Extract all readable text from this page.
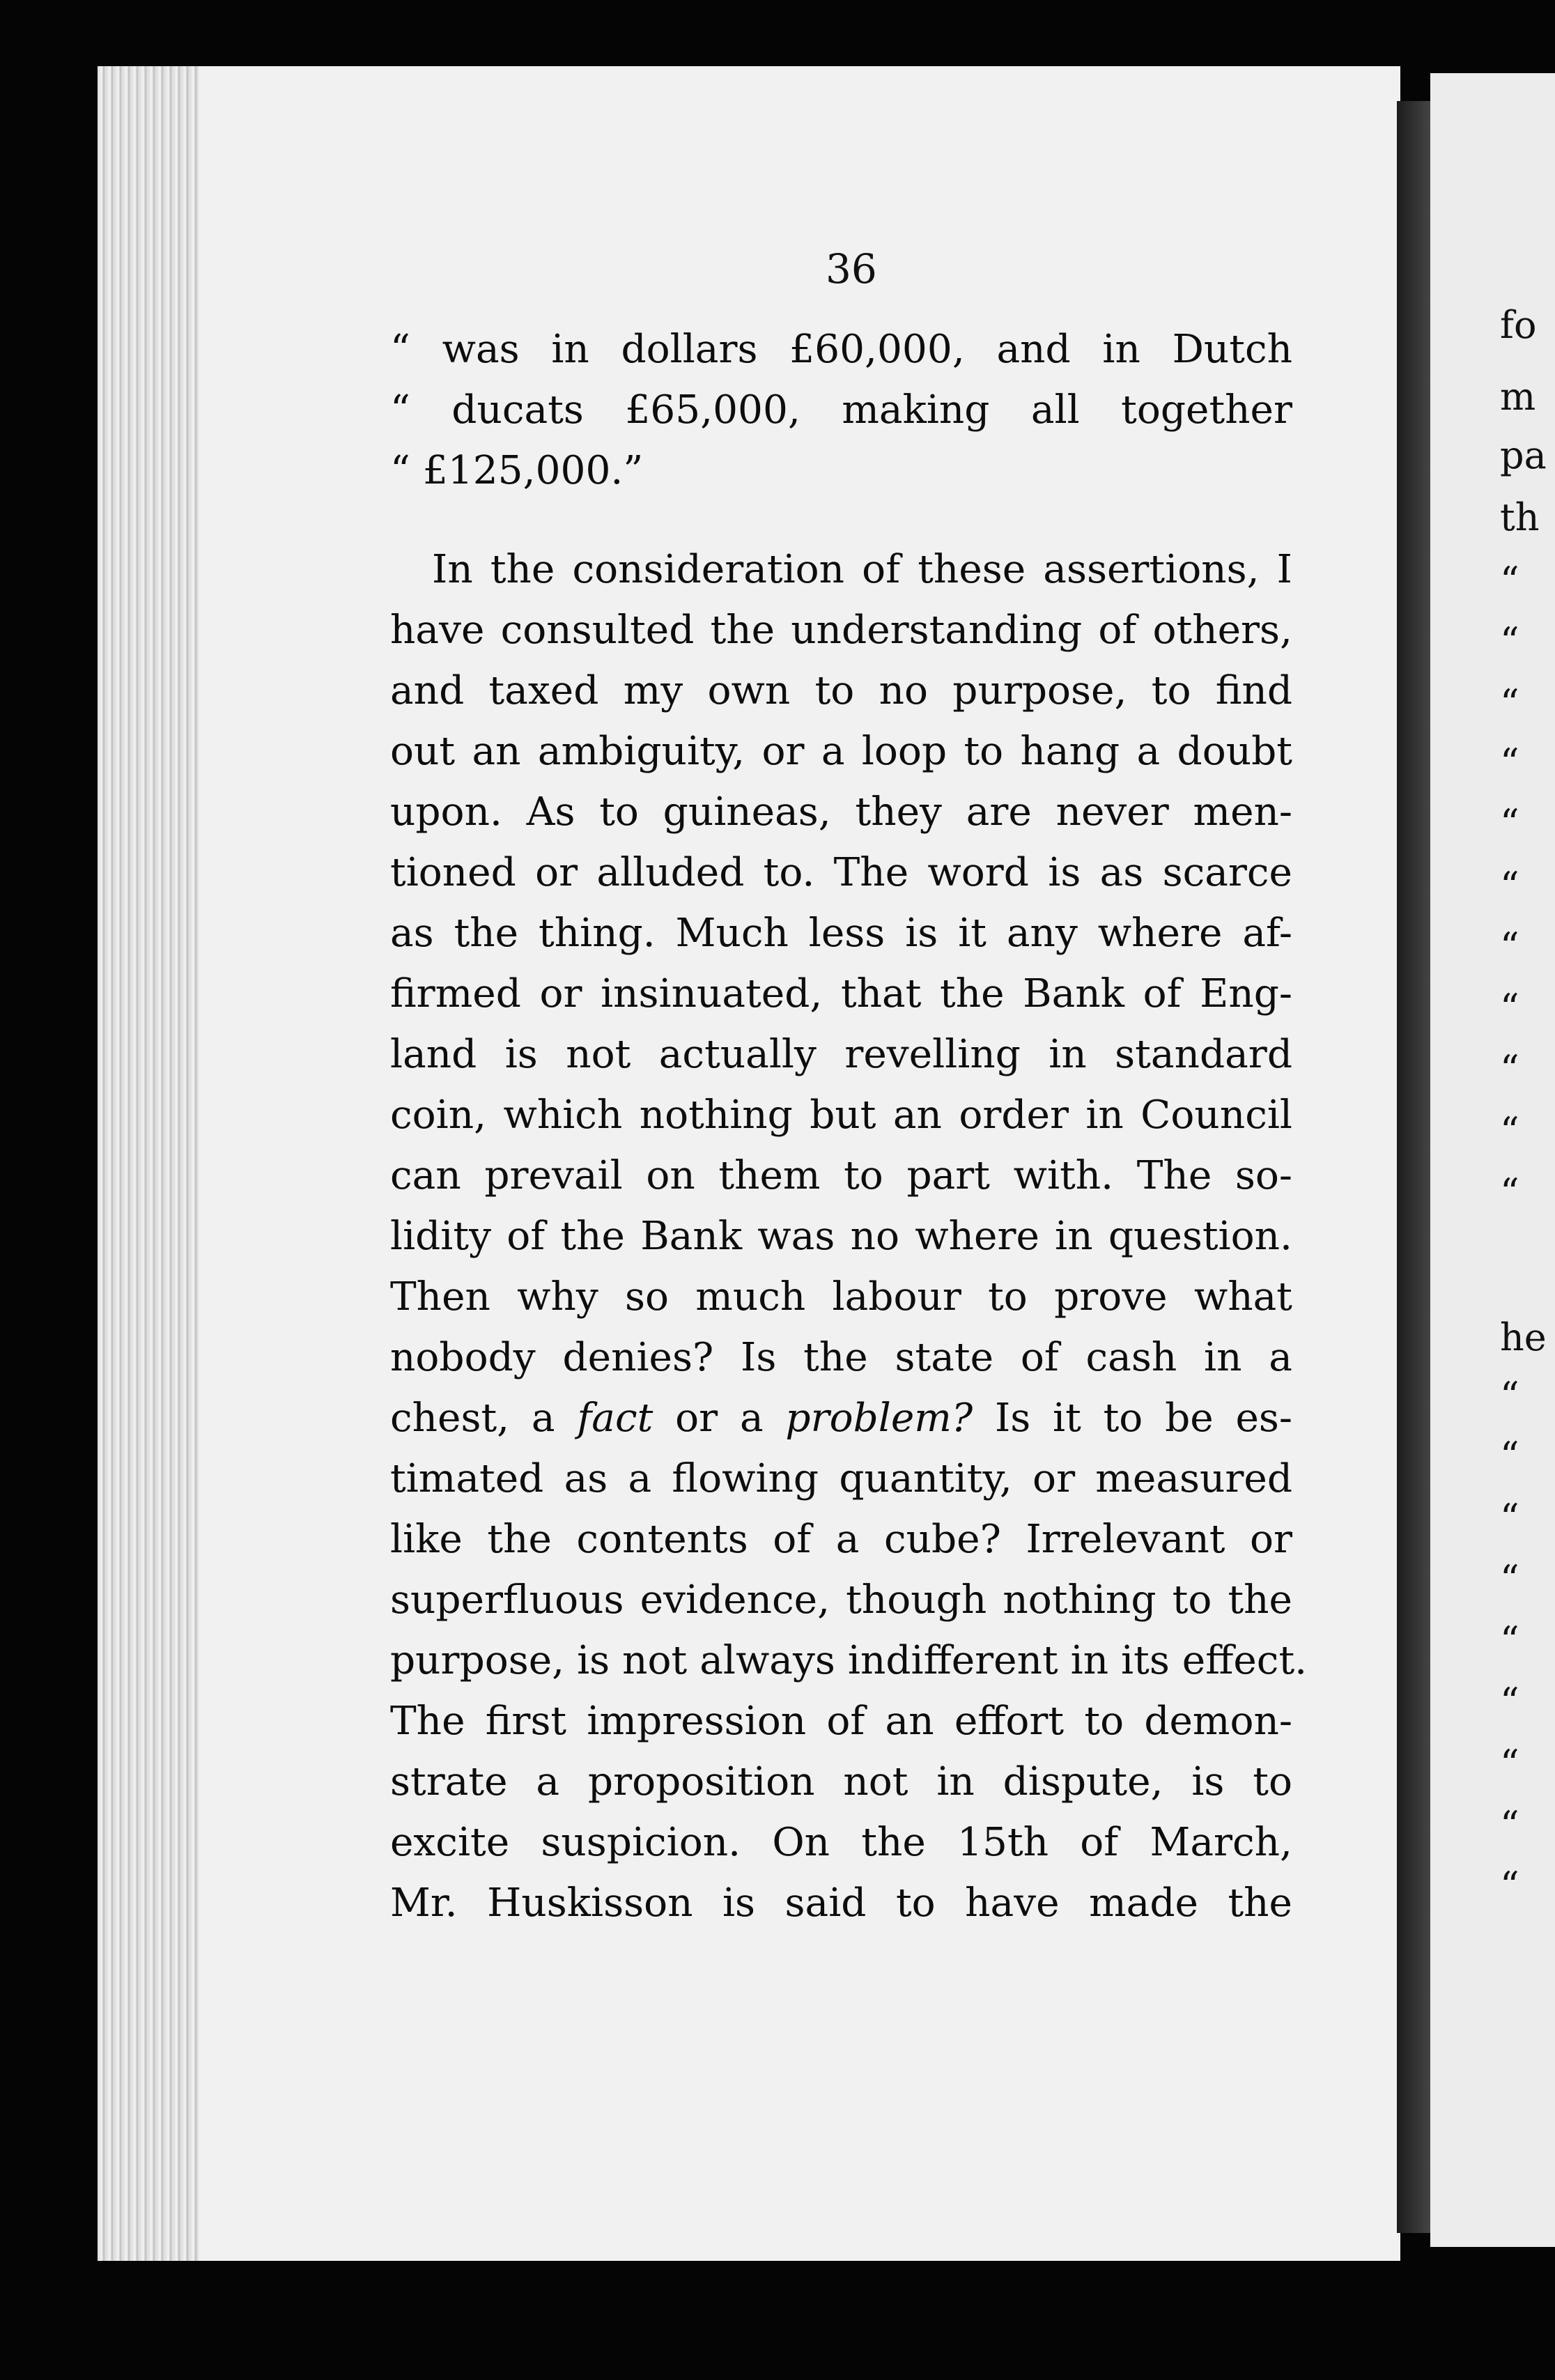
36
“ was in dollars £60,000, and in Dutch
“ ducats £65,000, making all together
“ £125,000.”
In the consideration of these assertions, I
have consulted the understanding of others,
and taxed my own to no purpose, to find
out an ambiguity, or a loop to hang a doubt
upon. As to guineas, they are never men-
tioned or alluded to. The word is as scarce
as the thing. Much less is it any where af-
firmed or insinuated, that the Bank of Eng-
land is not actually revelling in standard
coin, which nothing but an order in Council
can prevail on them to part with. The so-
lidity of the Bank was no where in question.
Then why so much labour to prove what
nobody denies? Is the state of cash in a
chest, a fact or a problem? Is it to be es-
timated as a flowing quantity, or measured
like the contents of a cube? Irrelevant or
superfluous evidence, though nothing to the
purpose, is not always indifferent in its effect.
The first impression of an effort to demon-
strate a proposition not in dispute, is to
excite suspicion. On the 15th of March,
Mr. Huskisson is said to have made the
fo
m
pa
th
“
“
“
“
“
“
“
“
“
“
“
he
“
“
“
“
“
“
“
“
“
